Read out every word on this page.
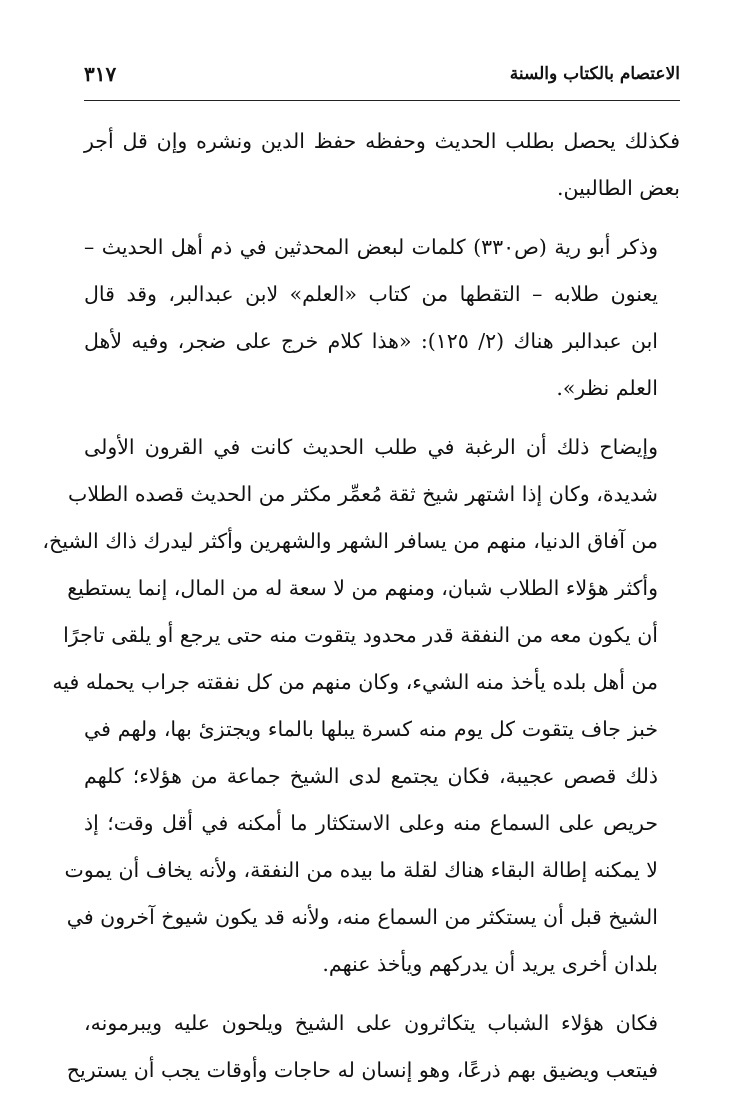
الاعتصام بالكتاب والسنة
٣١٧

فكذلك يحصل بطلب الحديث وحفظه حفظ الدين ونشره وإن قل أجر
بعض الطالبين.

وذكر أبو رية (ص٣٣٠) كلمات لبعض المحدثين في ذم أهل الحديث –
يعنون طلابه – التقطها من كتاب «العلم» لابن عبدالبر، وقد قال
ابن عبدالبر هناك (٢/ ١٢٥): «هذا كلام خرج على ضجر، وفيه لأهل
العلم نظر».

وإيضاح ذلك أن الرغبة في طلب الحديث كانت في القرون الأولى
شديدة، وكان إذا اشتهر شيخ ثقة مُعمِّر مكثر من الحديث قصده الطلاب
من آفاق الدنيا، منهم من يسافر الشهر والشهرين وأكثر ليدرك ذاك الشيخ،
وأكثر هؤلاء الطلاب شبان، ومنهم من لا سعة له من المال، إنما يستطيع
أن يكون معه من النفقة قدر محدود يتقوت منه حتى يرجع أو يلقى تاجرًا
من أهل بلده يأخذ منه الشيء، وكان منهم من كل نفقته جراب يحمله فيه
خبز جاف يتقوت كل يوم منه كسرة يبلها بالماء ويجتزئ بها، ولهم في
ذلك قصص عجيبة، فكان يجتمع لدى الشيخ جماعة من هؤلاء؛ كلهم
حريص على السماع منه وعلى الاستكثار ما أمكنه في أقل وقت؛ إذ
لا يمكنه إطالة البقاء هناك لقلة ما بيده من النفقة، ولأنه يخاف أن يموت
الشيخ قبل أن يستكثر من السماع منه، ولأنه قد يكون شيوخ آخرون في
بلدان أخرى يريد أن يدركهم ويأخذ عنهم.

فكان هؤلاء الشباب يتكاثرون على الشيخ ويلحون عليه ويبرمونه،
فيتعب ويضيق بهم ذرعًا، وهو إنسان له حاجات وأوقات يجب أن يستريح
